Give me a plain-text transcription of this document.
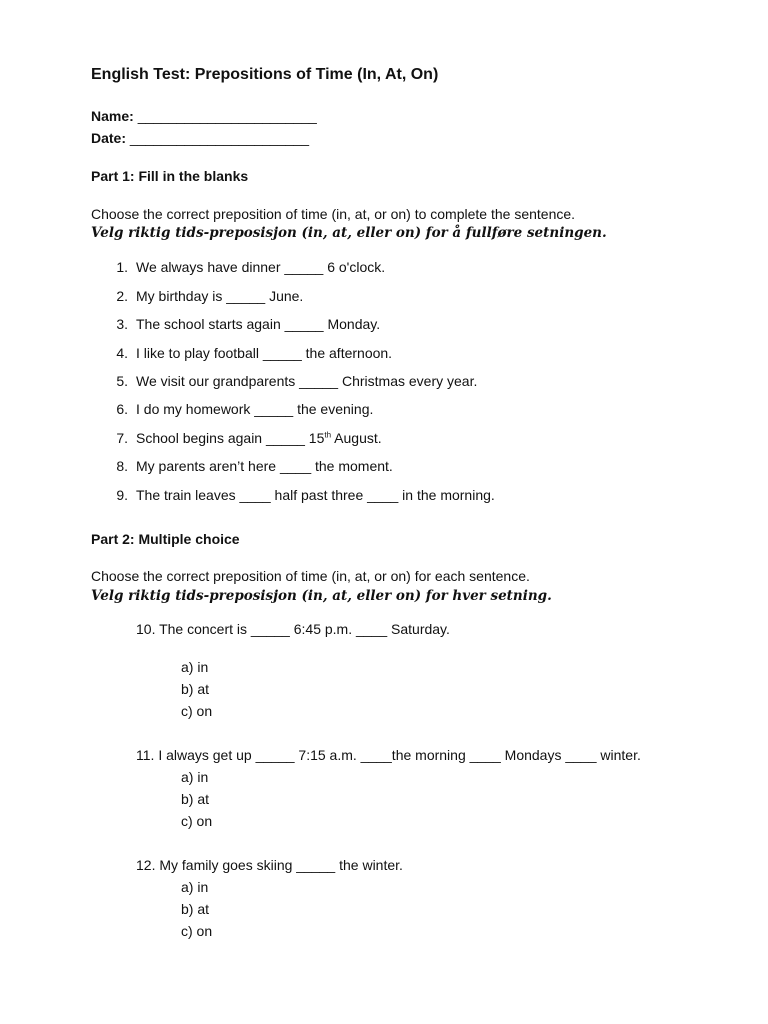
English Test: Prepositions of Time (In, At, On)
Name: _______________________
Date: _______________________
Part 1: Fill in the blanks
Choose the correct preposition of time (in, at, or on) to complete the sentence.
Velg riktig tids-preposisjon (in, at, eller on) for å fullføre setningen.
1. We always have dinner _____ 6 o'clock.
2. My birthday is _____ June.
3. The school starts again _____ Monday.
4. I like to play football _____ the afternoon.
5. We visit our grandparents _____ Christmas every year.
6. I do my homework _____ the evening.
7. School begins again _____ 15th August.
8. My parents aren’t here ____ the moment.
9. The train leaves ____ half past three ____ in the morning.
Part 2: Multiple choice
Choose the correct preposition of time (in, at, or on) for each sentence.
Velg riktig tids-preposisjon (in, at, eller on) for hver setning.
10. The concert is _____ 6:45 p.m. ____ Saturday.
a) in
b) at
c) on
11. I always get up _____ 7:15 a.m. ____the morning ____ Mondays ____ winter.
a) in
b) at
c) on
12. My family goes skiing _____ the winter.
a) in
b) at
c) on
